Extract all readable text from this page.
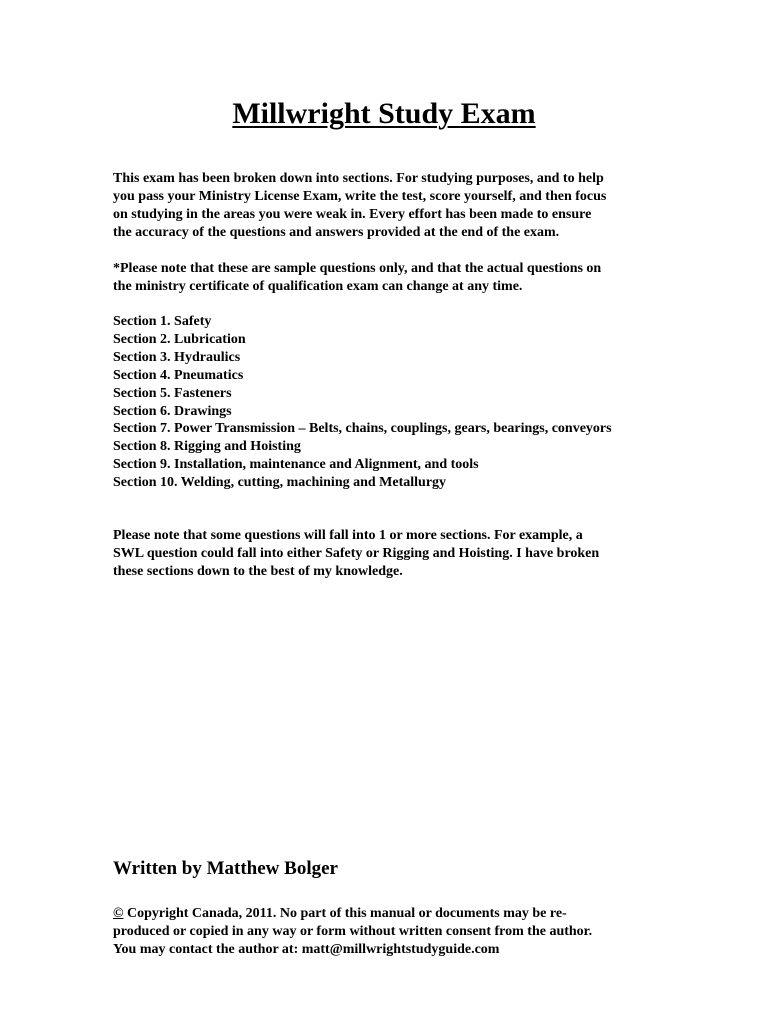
Millwright Study Exam

This exam has been broken down into sections. For studying purposes, and to help

you pass your Ministry License Exam, write the test, score yourself, and then focus

on studying in the areas you were weak in. Every effort has been made to ensure

the accuracy of the questions and answers provided at the end of the exam.

*Please note that these are sample questions only, and that the actual questions on

the ministry certificate of qualification exam can change at any time.

Section 1. Safety

Section 2. Lubrication

Section 3. Hydraulics

Section 4. Pneumatics

Section 5. Fasteners

Section 6. Drawings

Section 7. Power Transmission – Belts, chains, couplings, gears, bearings, conveyors

Section 8. Rigging and Hoisting

Section 9. Installation, maintenance and Alignment, and tools

Section 10. Welding, cutting, machining and Metallurgy

Please note that some questions will fall into 1 or more sections. For example, a

SWL question could fall into either Safety or Rigging and Hoisting. I have broken

these sections down to the best of my knowledge.

Written by Matthew Bolger

© Copyright Canada, 2011. No part of this manual or documents may be re-

produced or copied in any way or form without written consent from the author.

You may contact the author at: matt@millwrightstudyguide.com
